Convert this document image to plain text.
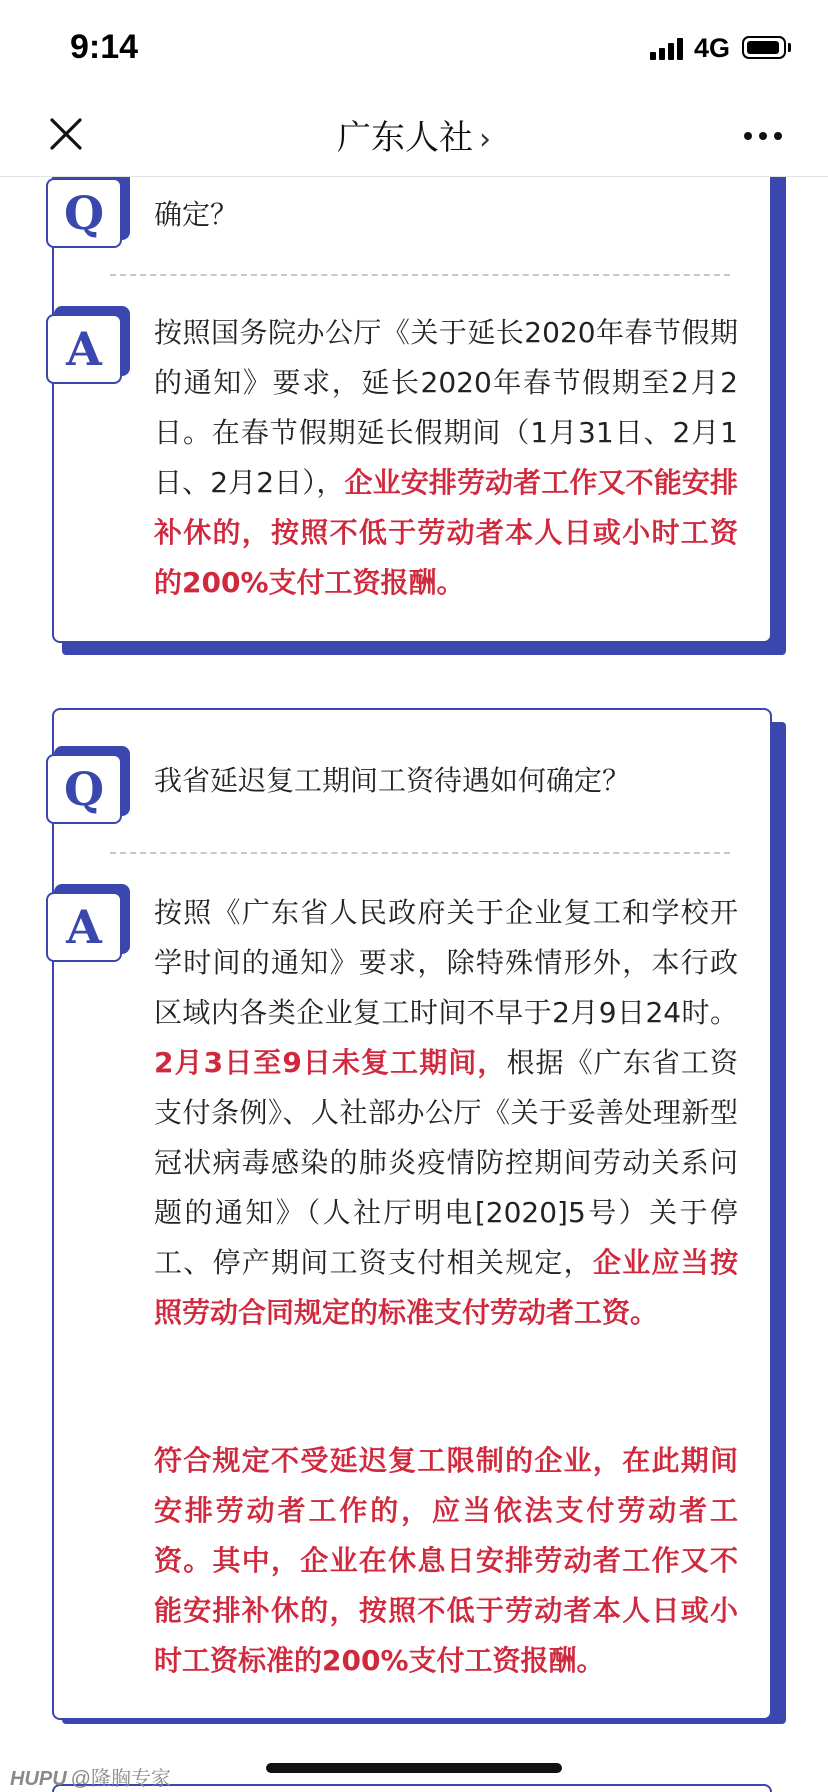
Q	确定？
A	按照国务院办公厅《关于延长2020年春节假期的通知》要求，延长2020年春节假期至2月2日。在春节假期延长假期间（1月31日、2月1日、2月2日），企业安排劳动者工作又不能安排补休的，按照不低于劳动者本人日或小时工资的200%支付工资报酬。
Q	我省延迟复工期间工资待遇如何确定？
A	按照《广东省人民政府关于企业复工和学校开学时间的通知》要求，除特殊情形外，本行政区域内各类企业复工时间不早于2月9日24时。2月3日至9日未复工期间，根据《广东省工资支付条例》、人社部办公厅《关于妥善处理新型冠状病毒感染的肺炎疫情防控期间劳动关系问题的通知》（人社厅明电[2020]5号）关于停工、停产期间工资支付相关规定，企业应当按照劳动合同规定的标准支付劳动者工资。
符合规定不受延迟复工限制的企业，在此期间安排劳动者工作的，应当依法支付劳动者工资。其中，企业在休息日安排劳动者工作又不能安排补休的，按照不低于劳动者本人日或小时工资标准的200%支付工资报酬。
9:14	4G
广东人社 ›
HUPU @隆胸专家
